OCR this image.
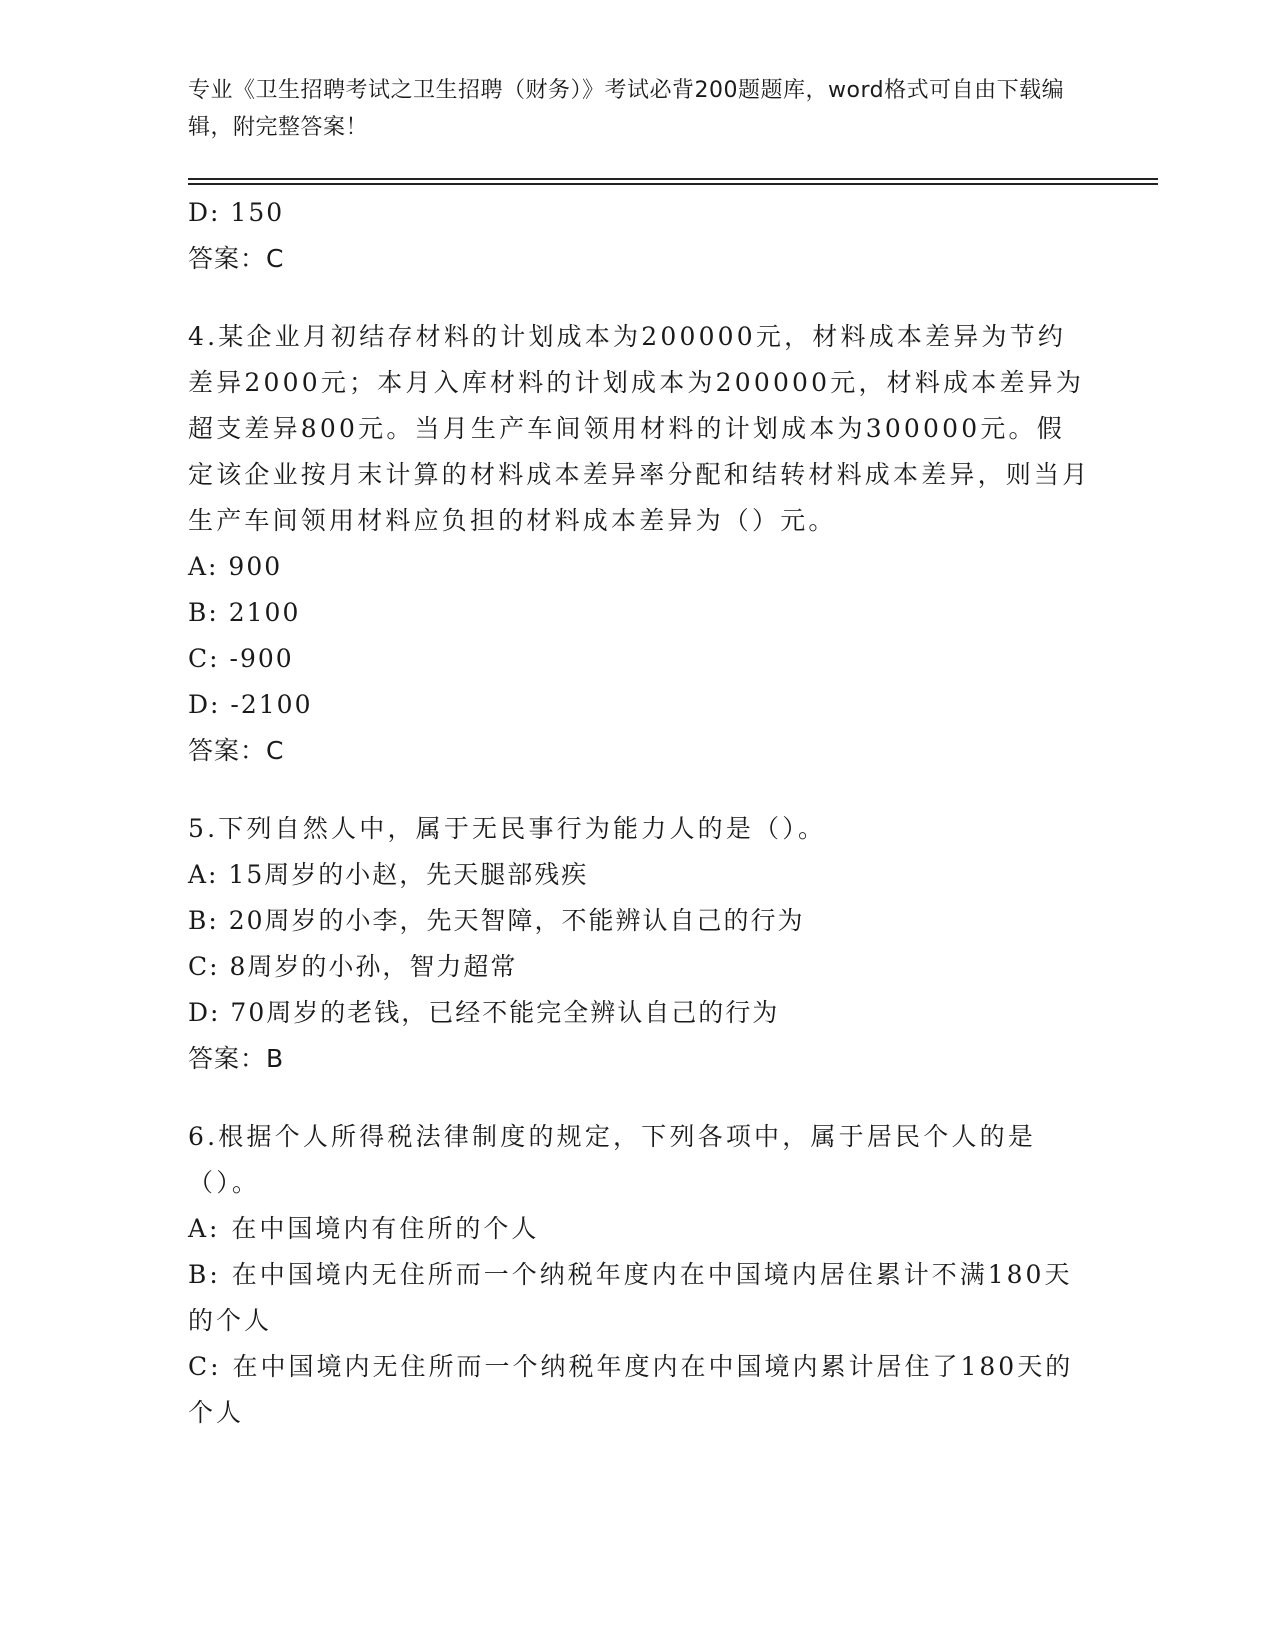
专业《卫生招聘考试之卫生招聘（财务）》考试必背200题题库，word格式可自由下载编辑，附完整答案！
D: 150
答案：C
4.某企业月初结存材料的计划成本为200000元，材料成本差异为节约差异2000元；本月入库材料的计划成本为200000元，材料成本差异为超支差异800元。当月生产车间领用材料的计划成本为300000元。假定该企业按月末计算的材料成本差异率分配和结转材料成本差异，则当月生产车间领用材料应负担的材料成本差异为（）元。
A: 900
B: 2100
C: -900
D: -2100
答案：C
5.下列自然人中，属于无民事行为能力人的是（）。
A: 15周岁的小赵，先天腿部残疾
B: 20周岁的小李，先天智障，不能辨认自己的行为
C: 8周岁的小孙，智力超常
D: 70周岁的老钱，已经不能完全辨认自己的行为
答案：B
6.根据个人所得税法律制度的规定，下列各项中，属于居民个人的是（）。
A: 在中国境内有住所的个人
B: 在中国境内无住所而一个纳税年度内在中国境内居住累计不满180天的个人
C: 在中国境内无住所而一个纳税年度内在中国境内累计居住了180天的个人
